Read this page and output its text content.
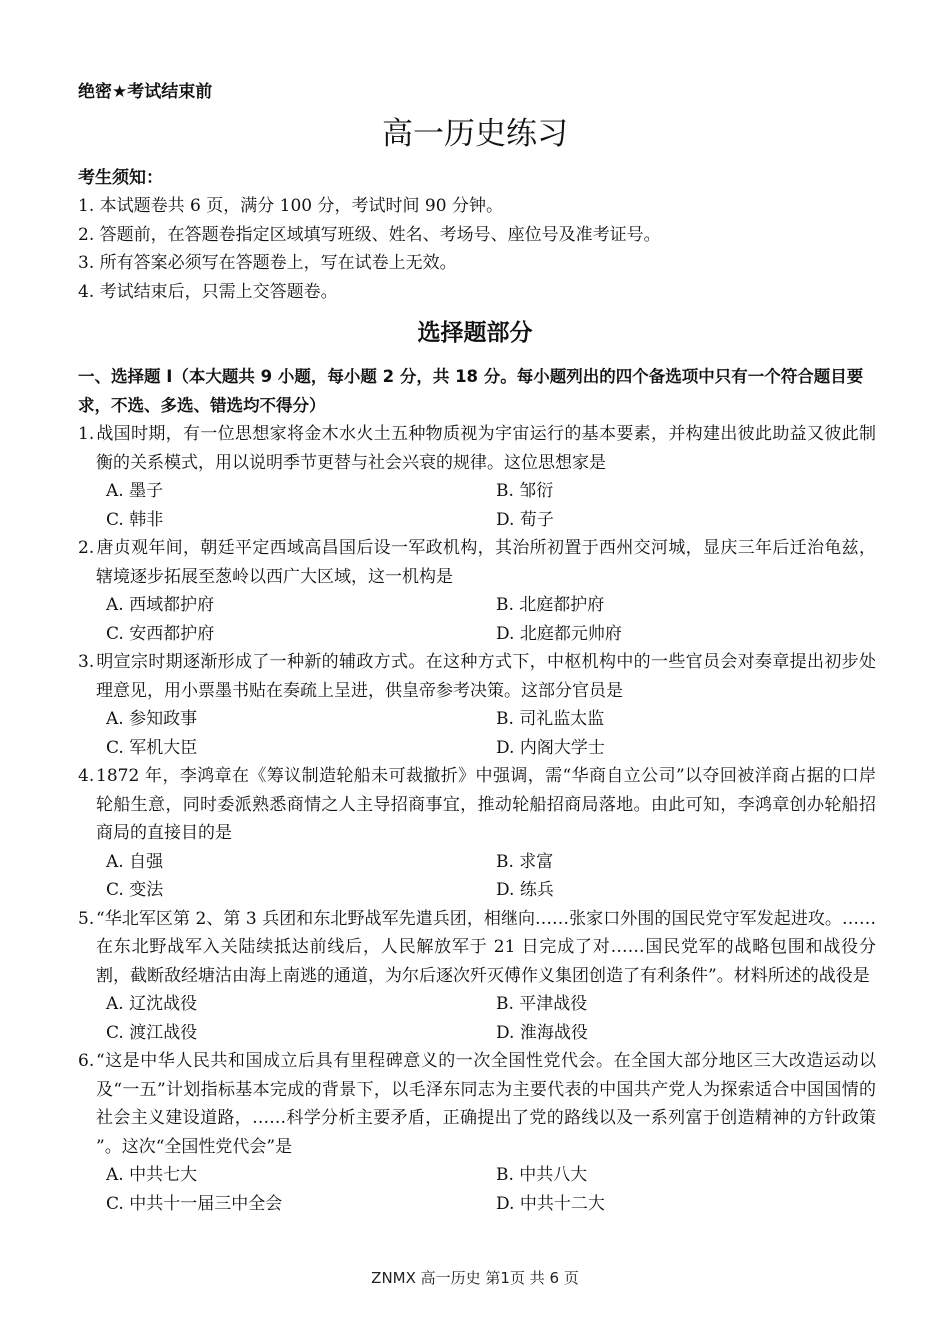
绝密★考试结束前
高一历史练习
考生须知：
1. 本试题卷共 6 页，满分 100 分，考试时间 90 分钟。
2. 答题前，在答题卷指定区域填写班级、姓名、考场号、座位号及准考证号。
3. 所有答案必须写在答题卷上，写在试卷上无效。
4. 考试结束后，只需上交答题卷。
选择题部分
一、选择题 I（本大题共 9 小题，每小题 2 分，共 18 分。每小题列出的四个备选项中只有一个符合题目要求，不选、多选、错选均不得分）
1. 战国时期，有一位思想家将金木水火土五种物质视为宇宙运行的基本要素，并构建出彼此助益又彼此制衡的关系模式，用以说明季节更替与社会兴衰的规律。这位思想家是
A. 墨子	B. 邹衍
C. 韩非	D. 荀子
2. 唐贞观年间，朝廷平定西域高昌国后设一军政机构，其治所初置于西州交河城，显庆三年后迁治龟兹，辖境逐步拓展至葱岭以西广大区域，这一机构是
A. 西域都护府	B. 北庭都护府
C. 安西都护府	D. 北庭都元帅府
3. 明宣宗时期逐渐形成了一种新的辅政方式。在这种方式下，中枢机构中的一些官员会对奏章提出初步处理意见，用小票墨书贴在奏疏上呈进，供皇帝参考决策。这部分官员是
A. 参知政事	B. 司礼监太监
C. 军机大臣	D. 内阁大学士
4. 1872 年，李鸿章在《筹议制造轮船未可裁撤折》中强调，需“华商自立公司”以夺回被洋商占据的口岸轮船生意，同时委派熟悉商情之人主导招商事宜，推动轮船招商局落地。由此可知，李鸿章创办轮船招商局的直接目的是
A. 自强	B. 求富
C. 变法	D. 练兵
5. “华北军区第 2、第 3 兵团和东北野战军先遣兵团，相继向……张家口外围的国民党守军发起进攻。……在东北野战军入关陆续抵达前线后，人民解放军于 21 日完成了对……国民党军的战略包围和战役分割，截断敌经塘沽由海上南逃的通道，为尔后逐次歼灭傅作义集团创造了有利条件”。材料所述的战役是
A. 辽沈战役	B. 平津战役
C. 渡江战役	D. 淮海战役
6. “这是中华人民共和国成立后具有里程碑意义的一次全国性党代会。在全国大部分地区三大改造运动以及“一五”计划指标基本完成的背景下，以毛泽东同志为主要代表的中国共产党人为探索适合中国国情的社会主义建设道路，……科学分析主要矛盾，正确提出了党的路线以及一系列富于创造精神的方针政策 ”。这次“全国性党代会”是
A. 中共七大	B. 中共八大
C. 中共十一届三中全会	D. 中共十二大
ZNMX 高一历史 第1页 共 6 页
